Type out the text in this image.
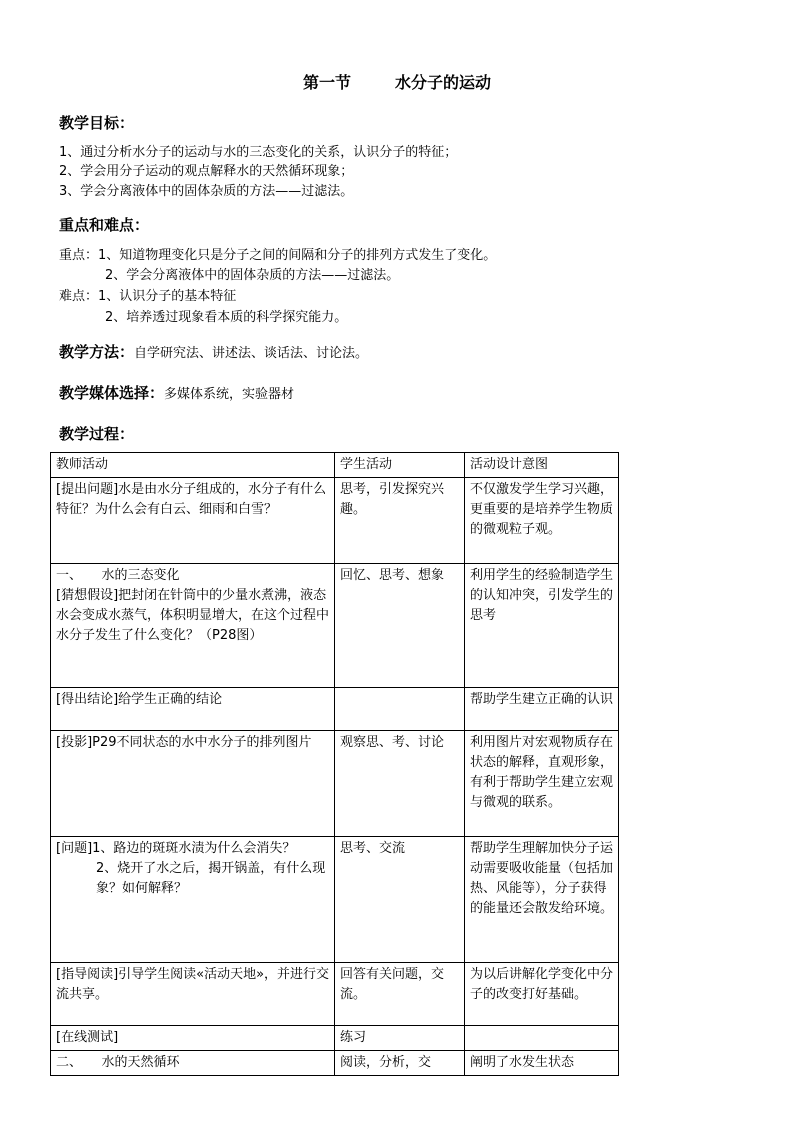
第一节	水分子的运动
教学目标：
1、通过分析水分子的运动与水的三态变化的关系，认识分子的特征；
2、学会用分子运动的观点解释水的天然循环现象；
3、学会分离液体中的固体杂质的方法——过滤法。
重点和难点：
重点：1、知道物理变化只是分子之间的间隔和分子的排列方式发生了变化。
2、学会分离液体中的固体杂质的方法——过滤法。
难点：1、认识分子的基本特征
2、培养透过现象看本质的科学探究能力。
教学方法：自学研究法、讲述法、谈话法、讨论法。
教学媒体选择：多媒体系统，实验器材
教学过程：
教师活动	学生活动	活动设计意图
[提出问题]水是由水分子组成的，水分子有什么特征？为什么会有白云、细雨和白雪？	思考，引发探究兴趣。	不仅激发学生学习兴趣，更重要的是培养学生物质的微观粒子观。

一、　　水的三态变化
[猜想假设]把封闭在针筒中的少量水煮沸，液态水会变成水蒸气，体积明显增大，在这个过程中水分子发生了什么变化？（P28图）	回忆、思考、想象	利用学生的经验制造学生的认知冲突，引发学生的思考
[得出结论]给学生正确的结论		帮助学生建立正确的认识
[投影]P29不同状态的水中水分子的排列图片	观察思、考、讨论	利用图片对宏观物质存在状态的解释，直观形象，有利于帮助学生建立宏观与微观的联系。

[问题]1、路边的斑斑水渍为什么会消失？
2、烧开了水之后，揭开锅盖，有什么现象？如何解释？	思考、交流	帮助学生理解加快分子运动需要吸收能量（包括加热、风能等），分子获得的能量还会散发给环境。
[指导阅读]引导学生阅读«活动天地»，并进行交流共享。	回答有关问题，交流。	为以后讲解化学变化中分子的改变打好基础。
[在线测试]	练习	
二、　　水的天然循环	阅读，分析，交	阐明了水发生状态
